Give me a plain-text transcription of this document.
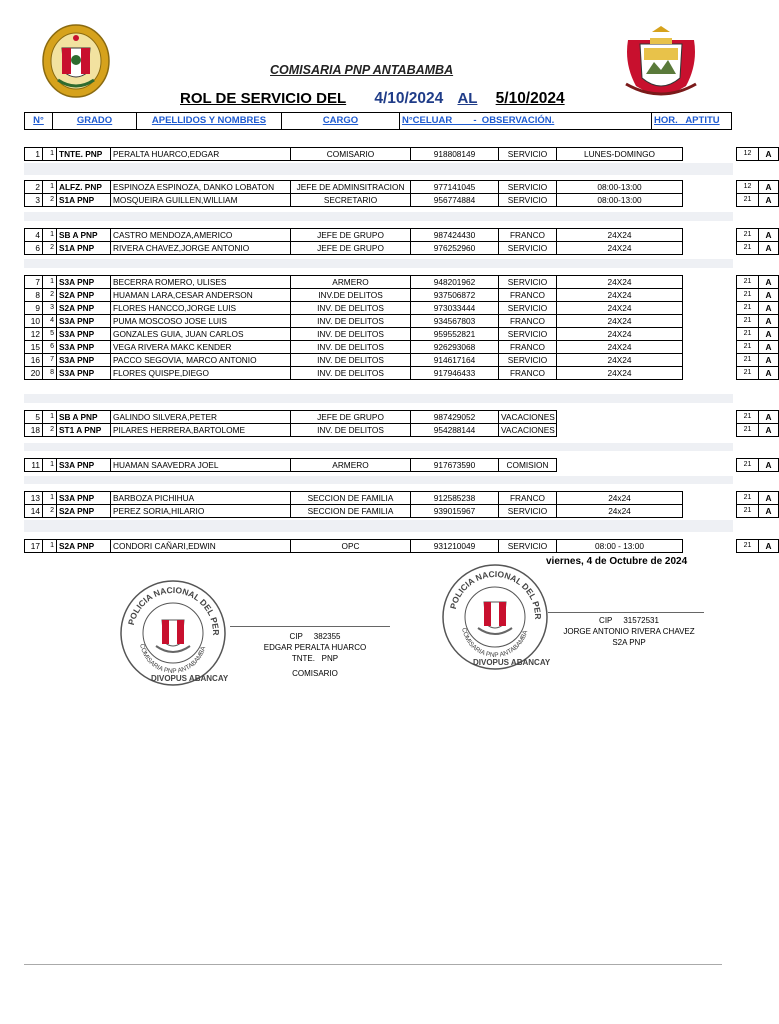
COMISARIA PNP ANTABAMBA
ROL DE SERVICIO DEL 4/10/2024 AL 5/10/2024
N°	GRADO	APELLIDOS Y NOMBRES	CARGO	N°CELUAR        -  OBSERVACIÓN.	HOR.   APTITU
1	1	TNTE. PNP	PERALTA HUARCO,EDGAR	COMISARIO	918808149	SERVICIO	LUNES-DOMINGO		12	A
2	1	ALFZ. PNP	ESPINOZA ESPINOZA, DANKO LOBATON	JEFE DE ADMINSITRACION	977141045	SERVICIO	08:00-13:00		12	A
3	2	S1A PNP	MOSQUEIRA GUILLEN,WILLIAM	SECRETARIO	956774884	SERVICIO	08:00-13:00		21	A
4	1	SB A PNP	CASTRO MENDOZA,AMERICO	JEFE DE GRUPO	987424430	FRANCO	24X24		21	A
6	2	S1A PNP	RIVERA CHAVEZ,JORGE ANTONIO	JEFE DE GRUPO	976252960	SERVICIO	24X24		21	A
7	1	S3A PNP	BECERRA ROMERO, ULISES	ARMERO	948201962	SERVICIO	24X24		21	A
8	2	S2A PNP	HUAMAN LARA,CESAR ANDERSON	INV.DE DELITOS	937506872	FRANCO	24X24		21	A
9	3	S2A PNP	FLORES HANCCO,JORGE LUIS	INV. DE DELITOS	973033444	SERVICIO	24X24		21	A
10	4	S3A PNP	PUMA MOSCOSO JOSE LUIS	INV. DE DELITOS	934567803	FRANCO	24X24		21	A
12	5	S3A PNP	GONZALES GUIA, JUAN CARLOS	INV. DE DELITOS	959552821	SERVICIO	24X24		21	A
15	6	S3A PNP	VEGA RIVERA MAKC KENDER	INV. DE DELITOS	926293068	FRANCO	24X24		21	A
16	7	S3A PNP	PACCO SEGOVIA, MARCO ANTONIO	INV. DE DELITOS	914617164	SERVICIO	24X24		21	A
20	8	S3A PNP	FLORES QUISPE,DIEGO	INV. DE DELITOS	917946433	FRANCO	24X24		21	A
5	1	SB A PNP	GALINDO SILVERA,PETER	JEFE DE GRUPO	987429052	VACACIONES			21	A
18	2	ST1 A PNP	PILARES HERRERA,BARTOLOME	INV. DE DELITOS	954288144	VACACIONES			21	A
11	1	S3A PNP	HUAMAN SAAVEDRA JOEL	ARMERO	917673590	COMISION			21	A
13	1	S3A PNP	BARBOZA PICHIHUA	SECCION DE FAMILIA	912585238	FRANCO	24x24		21	A
14	2	S2A PNP	PEREZ SORIA,HILARIO	SECCION DE FAMILIA	939015967	SERVICIO	24x24		21	A
17	1	S2A PNP	CONDORI CAÑARI,EDWIN	OPC	931210049	SERVICIO	08:00 - 13:00		21	A
viernes, 4 de Octubre de 2024
POLICIA NACIONAL DEL PER
COMISARIA PNP ANTABAMBA
DIVOPUS ABANCAY
CIP     382355
EDGAR PERALTA HUARCO
TNTE.   PNP
COMISARIO
POLICIA NACIONAL DEL PER
COMISARIA PNP ANTABAMBA
DIVOPUS ABANCAY
CIP     31572531
JORGE ANTONIO RIVERA CHAVEZ
S2A PNP
